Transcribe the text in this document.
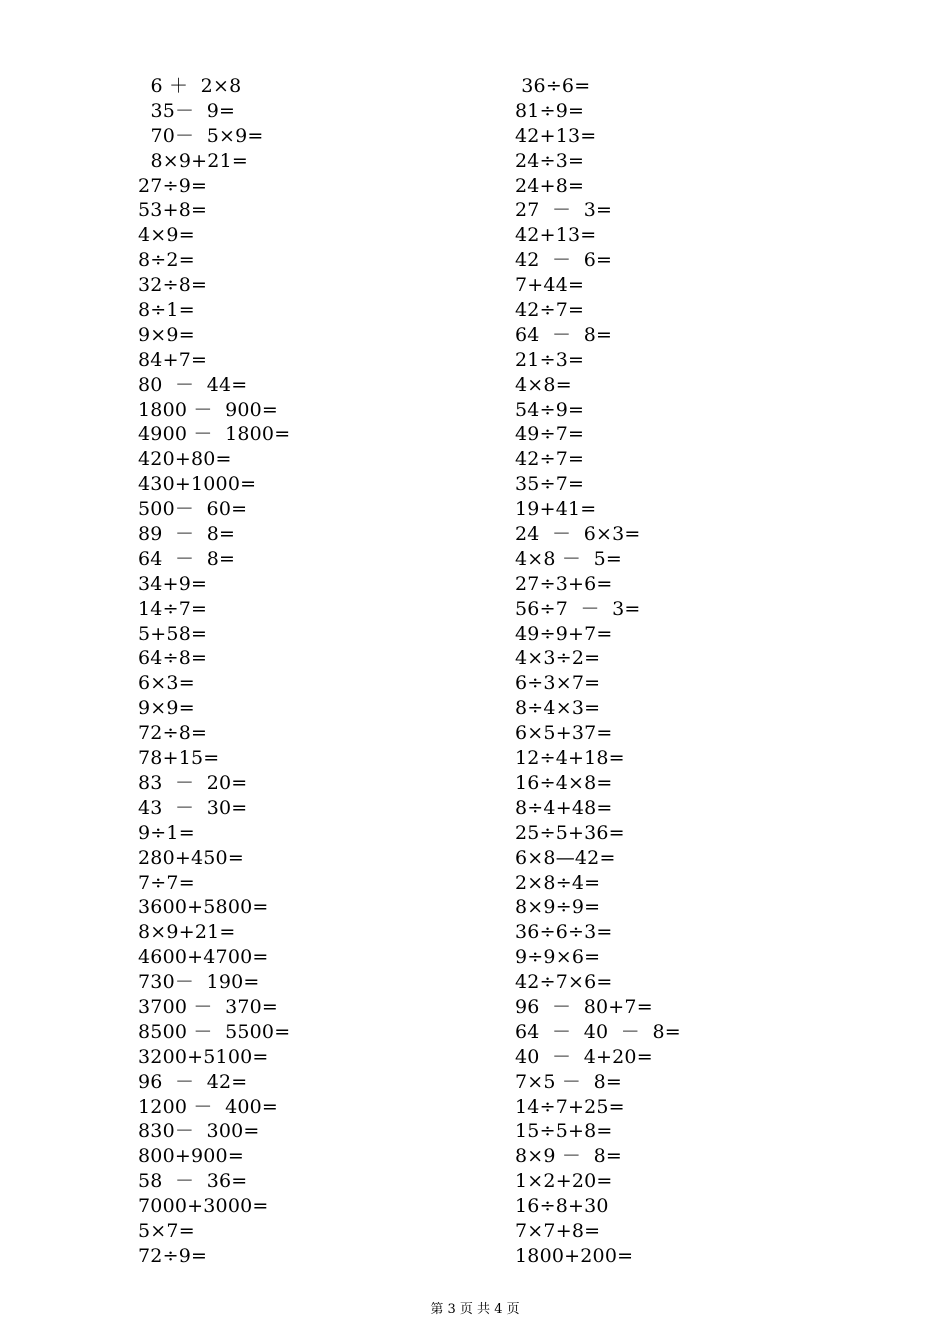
6 ＋  2×8
35－  9=
70－  5×9=
8×9+21=
27÷9=
53+8=
4×9=
8÷2=
32÷8=
8÷1=
9×9=
84+7=
80  －  44=
1800 －  900=
4900 －  1800=
420+80=
430+1000=
500－  60=
89  －  8=
64  －  8=
34+9=
14÷7=
5+58=
64÷8=
6×3=
9×9=
72÷8=
78+15=
83  －  20=
43  －  30=
9÷1=
280+450=
7÷7=
3600+5800=
8×9+21=
4600+4700=
730－  190=
3700 －  370=
8500 －  5500=
3200+5100=
96  －  42=
1200 －  400=
830－  300=
800+900=
58  －  36=
7000+3000=
5×7=
72÷9=
36÷6=
81÷9=
42+13=
24÷3=
24+8=
27  －  3=
42+13=
42  －  6=
7+44=
42÷7=
64  －  8=
21÷3=
4×8=
54÷9=
49÷7=
42÷7=
35÷7=
19+41=
24  －  6×3=
4×8 －  5=
27÷3+6=
56÷7  －  3=
49÷9+7=
4×3÷2=
6÷3×7=
8÷4×3=
6×5+37=
12÷4+18=
16÷4×8=
8÷4+48=
25÷5+36=
6×8—42=
2×8÷4=
8×9÷9=
36÷6÷3=
9÷9×6=
42÷7×6=
96  －  80+7=
64  －  40  －  8=
40  －  4+20=
7×5 －  8=
14÷7+25=
15÷5+8=
8×9 －  8=
1×2+20=
16÷8+30
7×7+8=
1800+200=
第 3 页 共 4 页
